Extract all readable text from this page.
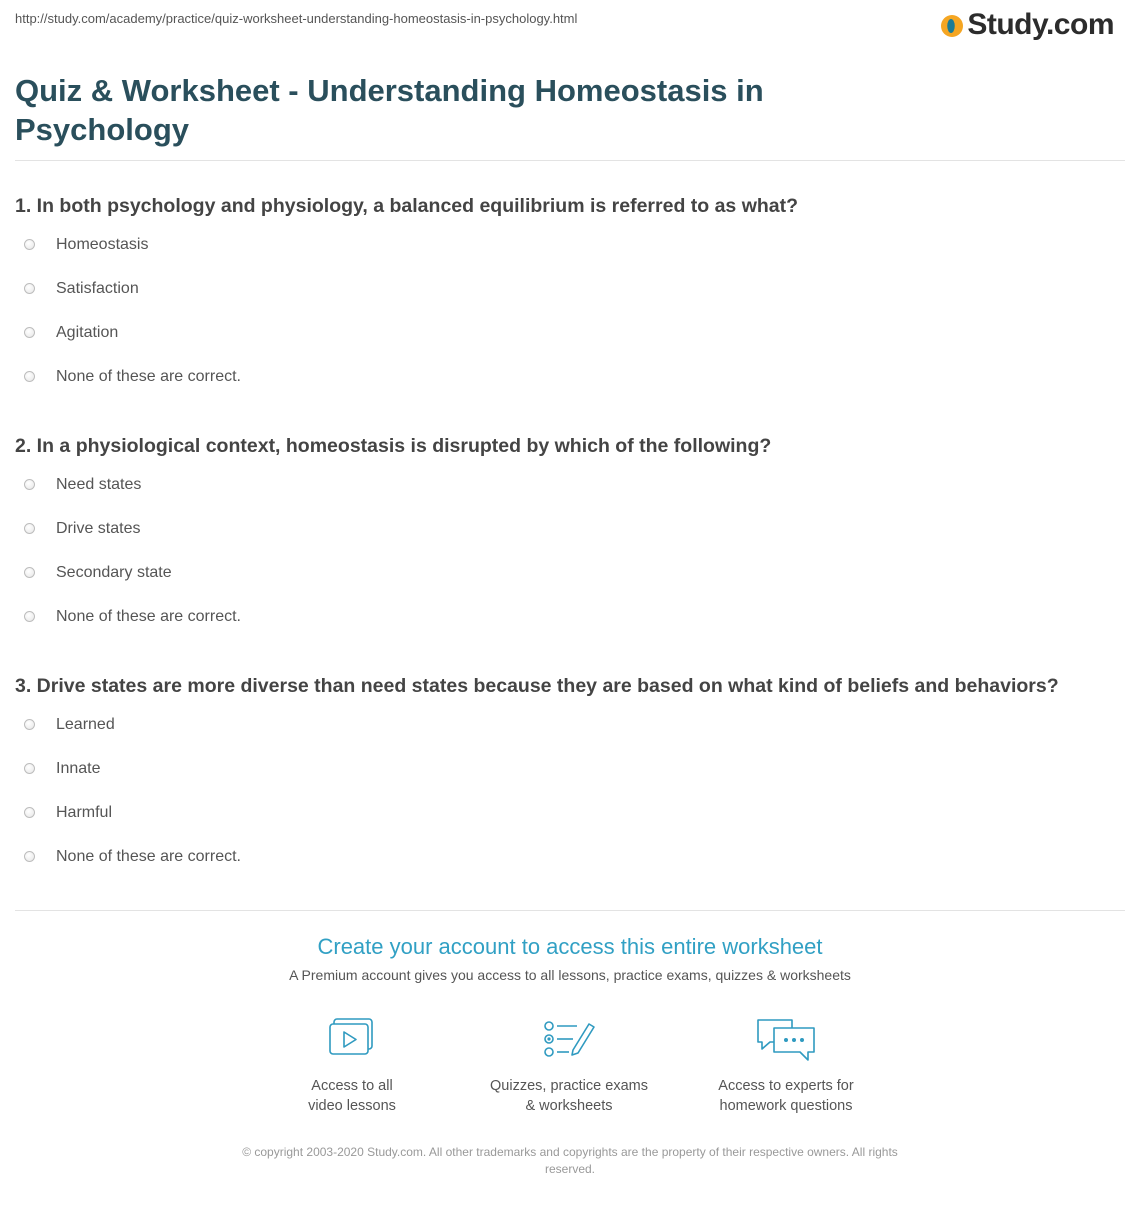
http://study.com/academy/practice/quiz-worksheet-understanding-homeostasis-in-psychology.html	Study.com
Quiz & Worksheet - Understanding Homeostasis in Psychology

1. In both psychology and physiology, a balanced equilibrium is referred to as what?

Homeostasis
Satisfaction
Agitation
None of these are correct.

2. In a physiological context, homeostasis is disrupted by which of the following?

Need states
Drive states
Secondary state
None of these are correct.

3. Drive states are more diverse than need states because they are based on what kind of beliefs and behaviors?

Learned
Innate
Harmful
None of these are correct.
Create your account to access this entire worksheet
A Premium account gives you access to all lessons, practice exams, quizzes & worksheets
Access to all
video lessons
Quizzes, practice exams
& worksheets
Access to experts for
homework questions
© copyright 2003-2020 Study.com. All other trademarks and copyrights are the property of their respective owners. All rights reserved.
